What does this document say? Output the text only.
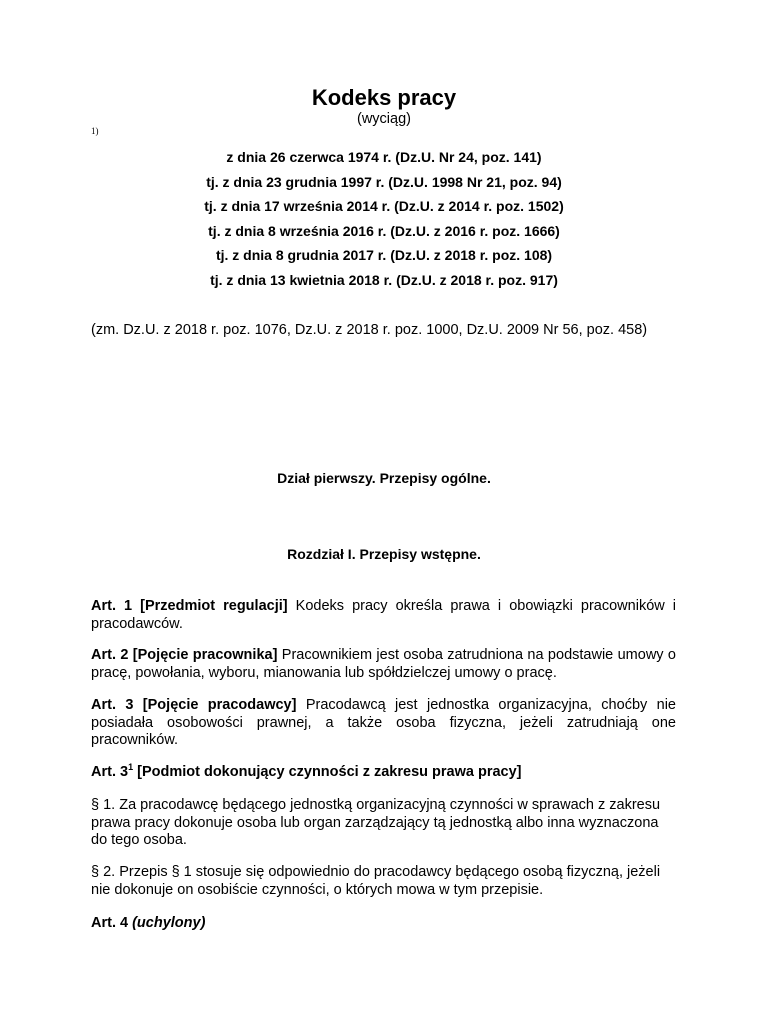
Kodeks pracy
(wyciąg)
1)
z dnia 26 czerwca 1974 r. (Dz.U. Nr 24, poz. 141)
tj. z dnia 23 grudnia 1997 r. (Dz.U. 1998 Nr 21, poz. 94)
tj. z dnia 17 września 2014 r. (Dz.U. z 2014 r. poz. 1502)
tj. z dnia 8 września 2016 r. (Dz.U. z 2016 r. poz. 1666)
tj. z dnia 8 grudnia 2017 r. (Dz.U. z 2018 r. poz. 108)
tj. z dnia 13 kwietnia 2018 r. (Dz.U. z 2018 r. poz. 917)

(zm. Dz.U. z 2018 r. poz. 1076, Dz.U. z 2018 r. poz. 1000, Dz.U. 2009 Nr 56, poz. 458)

Dział pierwszy. Przepisy ogólne.
Rozdział I. Przepisy wstępne.

Art. 1 [Przedmiot regulacji] Kodeks pracy określa prawa i obowiązki pracowników i pracodawców.

Art. 2 [Pojęcie pracownika] Pracownikiem jest osoba zatrudniona na podstawie umowy o pracę, powołania, wyboru, mianowania lub spółdzielczej umowy o pracę.

Art. 3 [Pojęcie pracodawcy] Pracodawcą jest jednostka organizacyjna, choćby nie posiadała osobowości prawnej, a także osoba fizyczna, jeżeli zatrudniają one pracowników.

Art. $3^1$ [Podmiot dokonujący czynności z zakresu prawa pracy]

§ 1. Za pracodawcę będącego jednostką organizacyjną czynności w sprawach z zakresu prawa pracy dokonuje osoba lub organ zarządzający tą jednostką albo inna wyznaczona do tego osoba.

§ 2. Przepis § 1 stosuje się odpowiednio do pracodawcy będącego osobą fizyczną, jeżeli nie dokonuje on osobiście czynności, o których mowa w tym przepisie.

Art. 4 (uchylony)
